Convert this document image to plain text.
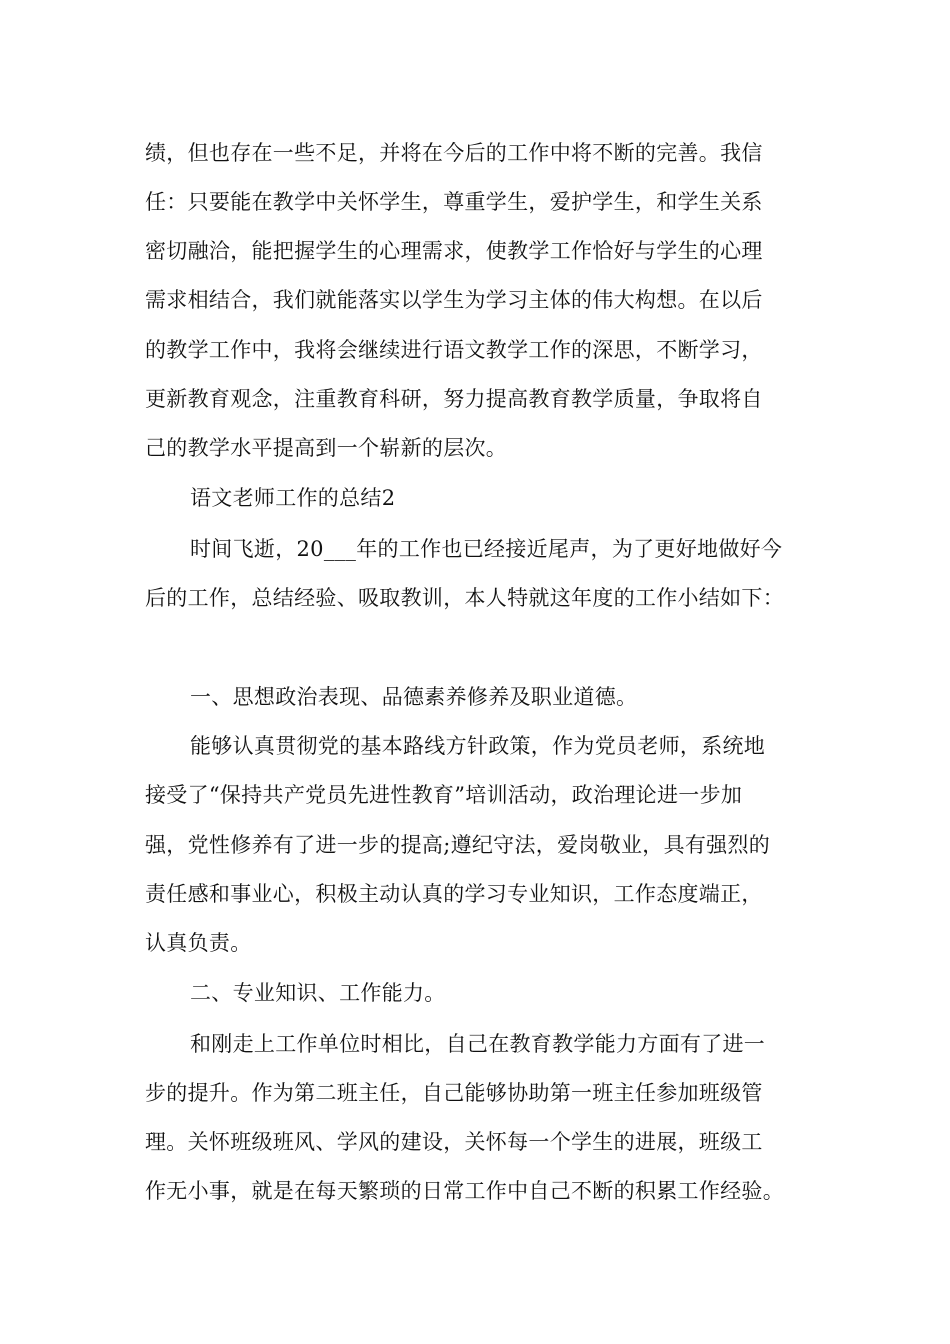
绩，但也存在一些不足，并将在今后的工作中将不断的完善。我信
任：只要能在教学中关怀学生，尊重学生，爱护学生，和学生关系
密切融洽，能把握学生的心理需求，使教学工作恰好与学生的心理
需求相结合，我们就能落实以学生为学习主体的伟大构想。在以后
的教学工作中，我将会继续进行语文教学工作的深思，不断学习，
更新教育观念，注重教育科研，努力提高教育教学质量，争取将自
己的教学水平提高到一个崭新的层次。
语文老师工作的总结2
时间飞逝，20___年的工作也已经接近尾声，为了更好地做好今
后的工作，总结经验、吸取教训，本人特就这年度的工作小结如下：
一、思想政治表现、品德素养修养及职业道德。
能够认真贯彻党的基本路线方针政策，作为党员老师，系统地
接受了“保持共产党员先进性教育”培训活动，政治理论进一步加
强，党性修养有了进一步的提高;遵纪守法，爱岗敬业，具有强烈的
责任感和事业心，积极主动认真的学习专业知识，工作态度端正，
认真负责。
二、专业知识、工作能力。
和刚走上工作单位时相比，自己在教育教学能力方面有了进一
步的提升。作为第二班主任，自己能够协助第一班主任参加班级管
理。关怀班级班风、学风的建设，关怀每一个学生的进展，班级工
作无小事，就是在每天繁琐的日常工作中自己不断的积累工作经验。
